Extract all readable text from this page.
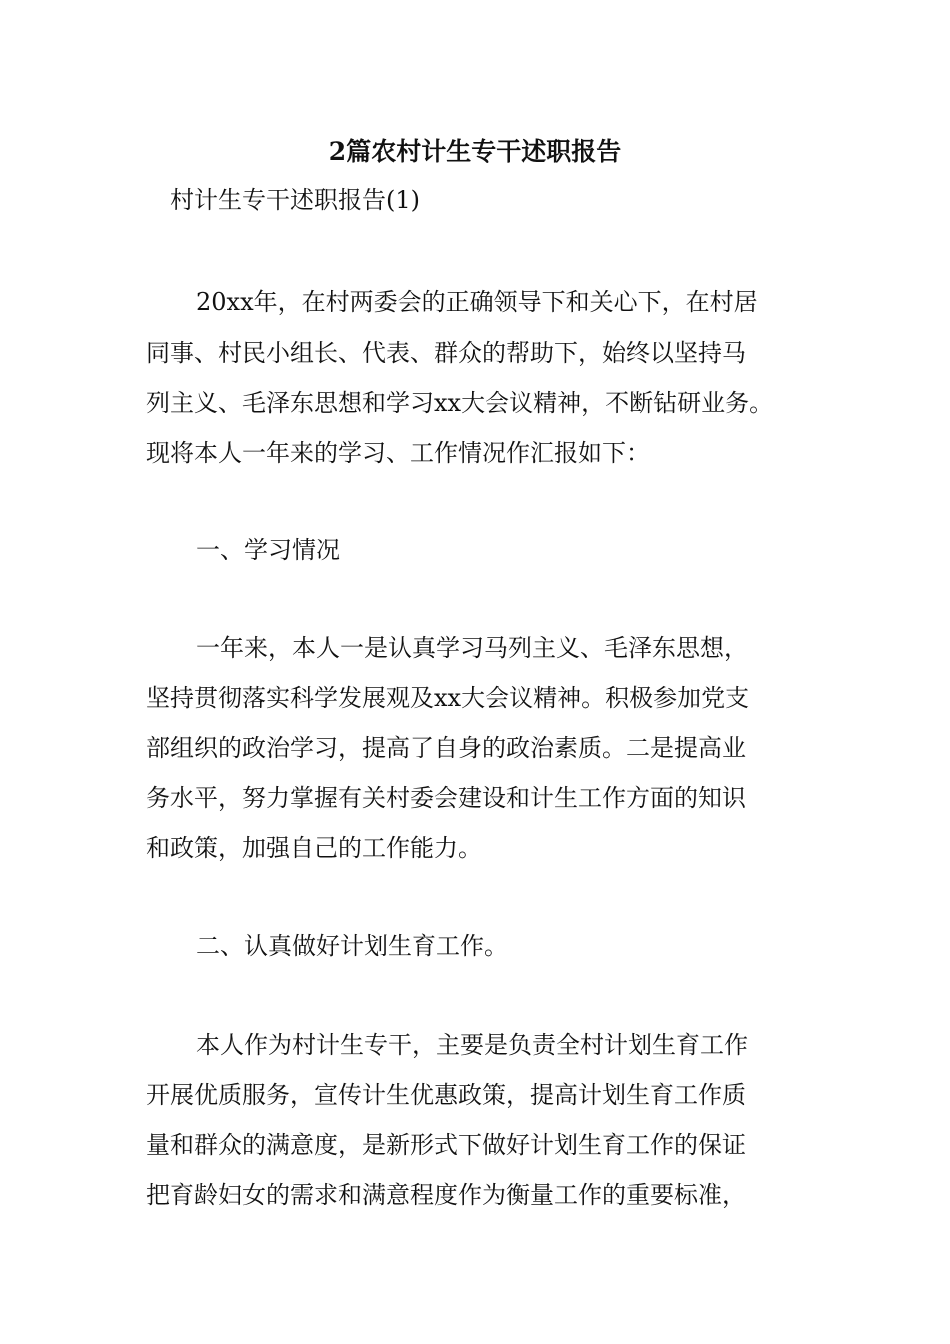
2篇农村计生专干述职报告

村计生专干述职报告(1)

20xx年，在村两委会的正确领导下和关心下，在村居

同事、村民小组长、代表、群众的帮助下，始终以坚持马

列主义、毛泽东思想和学习xx大会议精神，不断钻研业务。

现将本人一年来的学习、工作情况作汇报如下：

一、学习情况

一年来，本人一是认真学习马列主义、毛泽东思想，

坚持贯彻落实科学发展观及xx大会议精神。积极参加党支

部组织的政治学习，提高了自身的政治素质。二是提高业

务水平，努力掌握有关村委会建设和计生工作方面的知识

和政策，加强自己的工作能力。

二、认真做好计划生育工作。

本人作为村计生专干，主要是负责全村计划生育工作

开展优质服务，宣传计生优惠政策，提高计划生育工作质

量和群众的满意度，是新形式下做好计划生育工作的保证

把育龄妇女的需求和满意程度作为衡量工作的重要标准，
